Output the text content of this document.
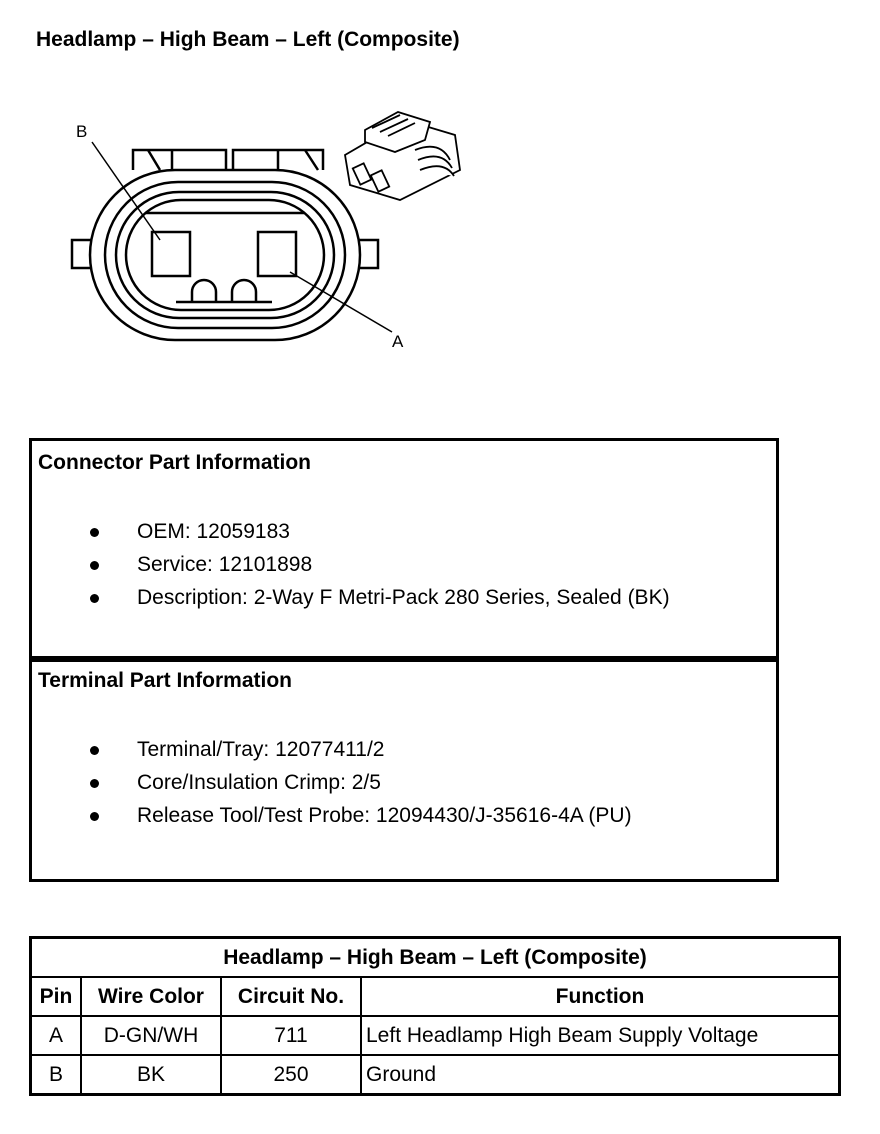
Headlamp – High Beam – Left (Composite)
B
A
Connector Part Information
OEM: 12059183
Service: 12101898
Description: 2-Way F Metri-Pack 280 Series, Sealed (BK)
Terminal Part Information
Terminal/Tray: 12077411/2
Core/Insulation Crimp: 2/5
Release Tool/Test Probe: 12094430/J-35616-4A (PU)
Headlamp – High Beam – Left (Composite)			
Pin	Wire Color	Circuit No.	Function
A	D-GN/WH	711	Left Headlamp High Beam Supply Voltage
B	BK	250	Ground
